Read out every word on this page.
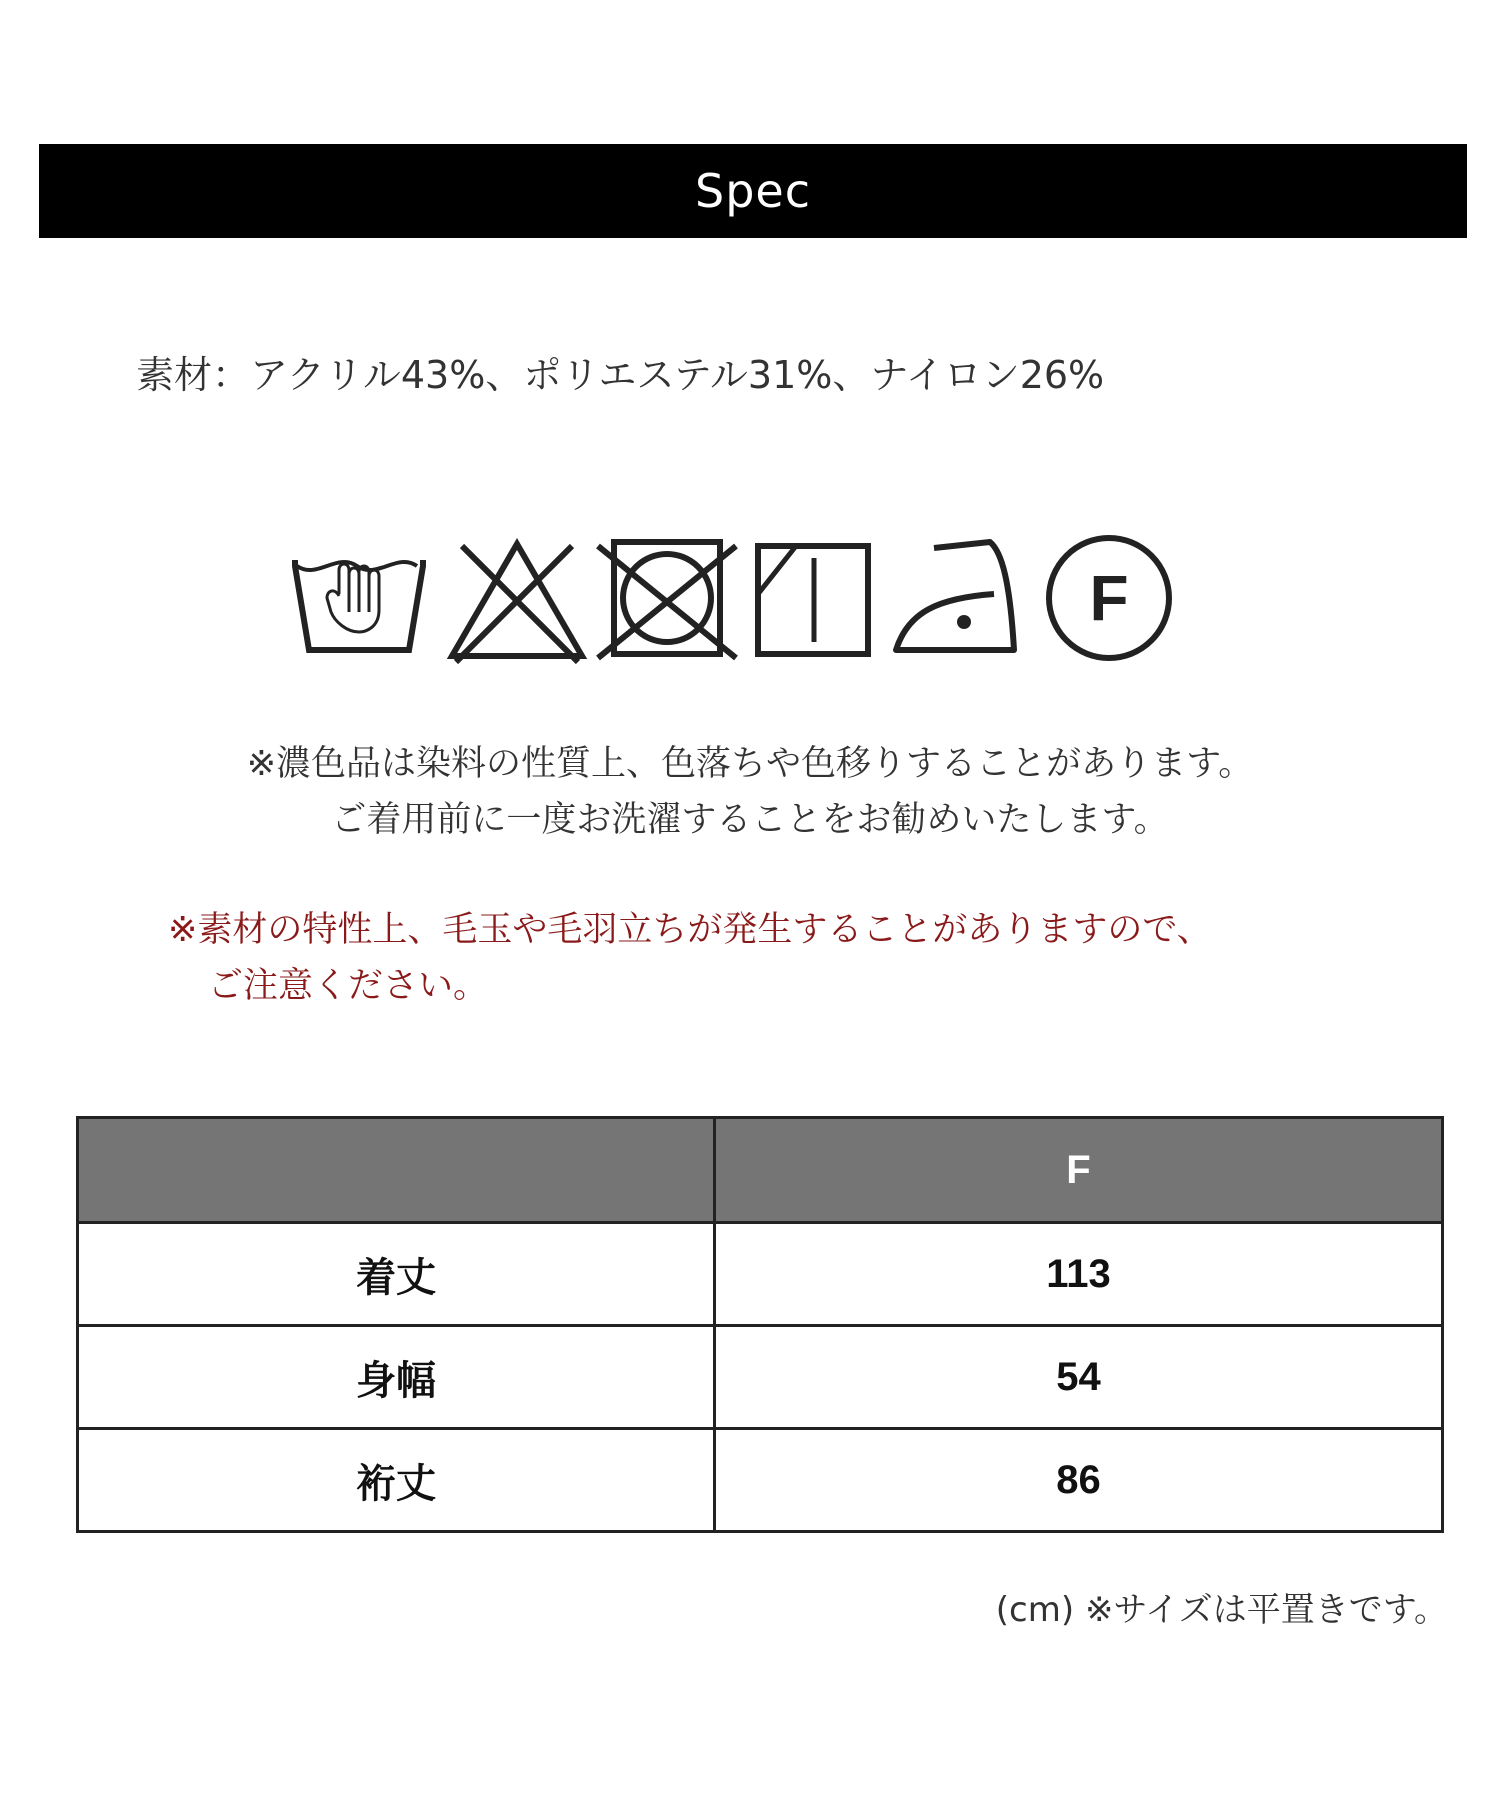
Spec
素材：アクリル43%、ポリエステル31%、ナイロン26%
F
※濃色品は染料の性質上、色落ちや色移りすることがあります。
ご着用前に一度お洗濯することをお勧めいたします。
※素材の特性上、毛玉や毛羽立ちが発生することがありますので、
ご注意ください。
	F
着丈	113
身幅	54
裄丈	86
(cm) ※サイズは平置きです。
